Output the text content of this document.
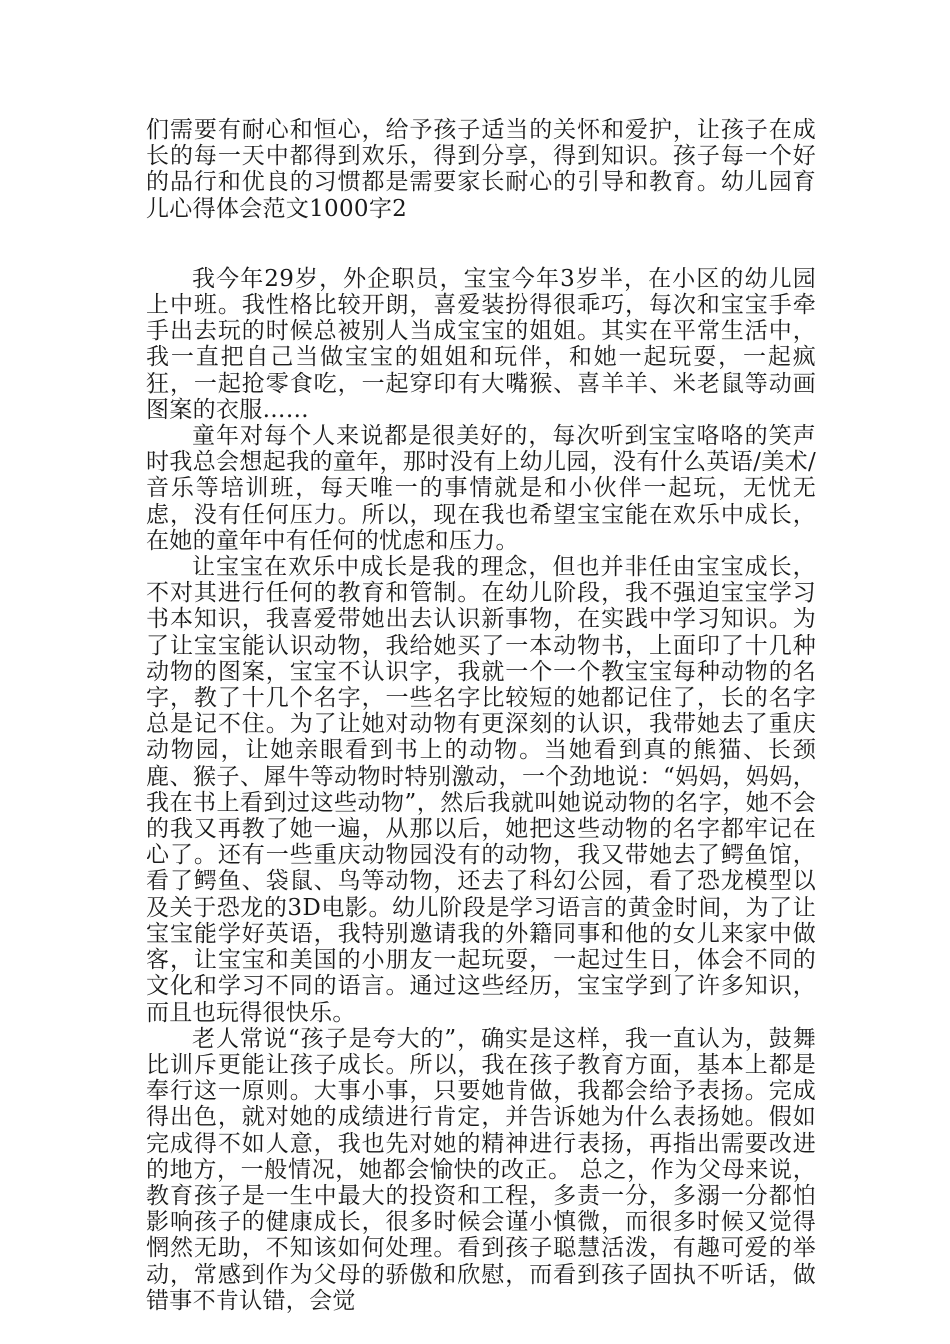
们需要有耐心和恒心，给予孩子适当的关怀和爱护，让孩子在成长的每一天中都得到欢乐，得到分享，得到知识。孩子每一个好的品行和优良的习惯都是需要家长耐心的引导和教育。幼儿园育儿心得体会范文1000字2

我今年29岁，外企职员，宝宝今年3岁半，在小区的幼儿园上中班。我性格比较开朗，喜爱装扮得很乖巧，每次和宝宝手牵手出去玩的时候总被别人当成宝宝的姐姐。其实在平常生活中，我一直把自己当做宝宝的姐姐和玩伴，和她一起玩耍，一起疯狂，一起抢零食吃，一起穿印有大嘴猴、喜羊羊、米老鼠等动画图案的衣服……

童年对每个人来说都是很美好的，每次听到宝宝咯咯的笑声时我总会想起我的童年，那时没有上幼儿园，没有什么英语/美术/音乐等培训班，每天唯一的事情就是和小伙伴一起玩，无忧无虑，没有任何压力。所以，现在我也希望宝宝能在欢乐中成长，在她的童年中有任何的忧虑和压力。

让宝宝在欢乐中成长是我的理念，但也并非任由宝宝成长，不对其进行任何的教育和管制。在幼儿阶段，我不强迫宝宝学习书本知识，我喜爱带她出去认识新事物，在实践中学习知识。为了让宝宝能认识动物，我给她买了一本动物书，上面印了十几种动物的图案，宝宝不认识字，我就一个一个教宝宝每种动物的名字，教了十几个名字，一些名字比较短的她都记住了，长的名字总是记不住。为了让她对动物有更深刻的认识，我带她去了重庆动物园，让她亲眼看到书上的动物。当她看到真的熊猫、长颈鹿、猴子、犀牛等动物时特别激动，一个劲地说：“妈妈，妈妈，我在书上看到过这些动物”，然后我就叫她说动物的名字，她不会的我又再教了她一遍，从那以后，她把这些动物的名字都牢记在心了。还有一些重庆动物园没有的动物，我又带她去了鳄鱼馆，看了鳄鱼、袋鼠、鸟等动物，还去了科幻公园，看了恐龙模型以及关于恐龙的3D电影。幼儿阶段是学习语言的黄金时间，为了让宝宝能学好英语，我特别邀请我的外籍同事和他的女儿来家中做客，让宝宝和美国的小朋友一起玩耍，一起过生日，体会不同的文化和学习不同的语言。通过这些经历，宝宝学到了许多知识，而且也玩得很快乐。

老人常说“孩子是夸大的”，确实是这样，我一直认为，鼓舞比训斥更能让孩子成长。所以，我在孩子教育方面，基本上都是奉行这一原则。大事小事，只要她肯做，我都会给予表扬。完成得出色，就对她的成绩进行肯定，并告诉她为什么表扬她。假如完成得不如人意，我也先对她的精神进行表扬，再指出需要改进的地方，一般情况，她都会愉快的改正。 总之，作为父母来说，教育孩子是一生中最大的投资和工程，多责一分，多溺一分都怕影响孩子的健康成长，很多时候会谨小慎微，而很多时候又觉得惘然无助，不知该如何处理。看到孩子聪慧活泼，有趣可爱的举动，常感到作为父母的骄傲和欣慰，而看到孩子固执不听话，做错事不肯认错，会觉
